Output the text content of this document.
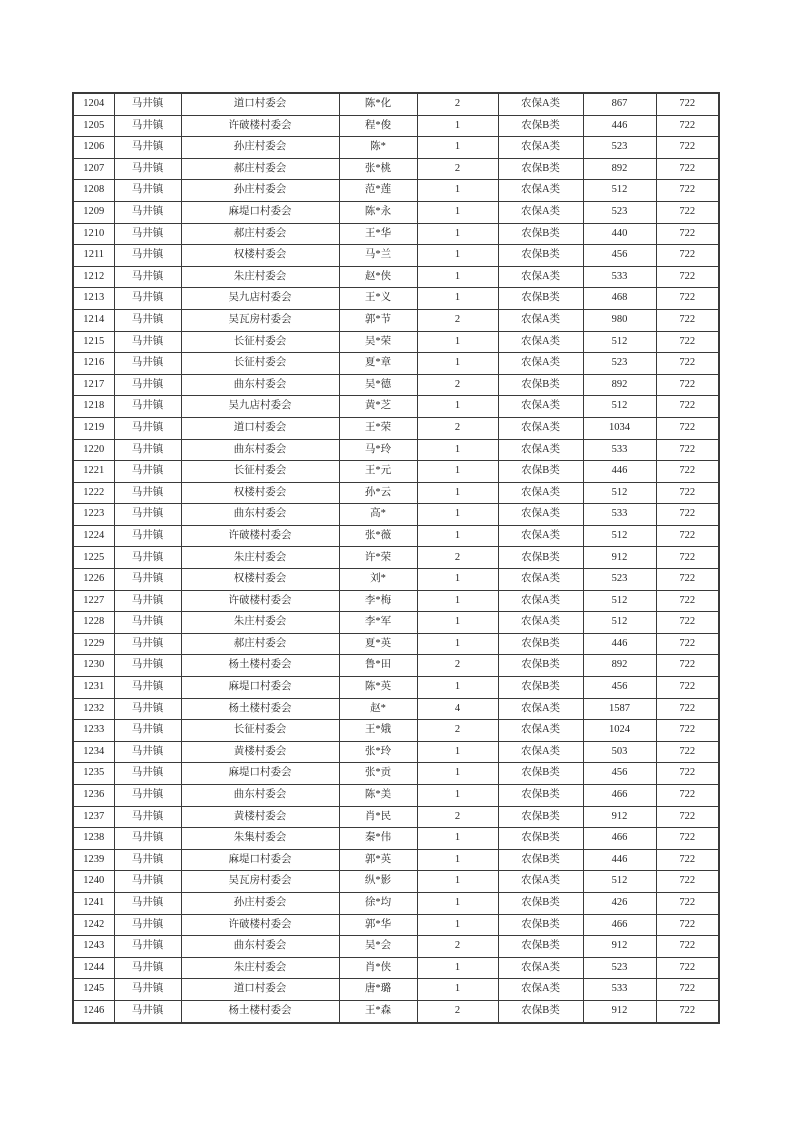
1204	马井镇	道口村委会	陈*化	2	农保A类	867	722
1205	马井镇	许破楼村委会	程*俊	1	农保B类	446	722
1206	马井镇	孙庄村委会	陈*	1	农保A类	523	722
1207	马井镇	郝庄村委会	张*桃	2	农保B类	892	722
1208	马井镇	孙庄村委会	范*莲	1	农保A类	512	722
1209	马井镇	麻堤口村委会	陈*永	1	农保A类	523	722
1210	马井镇	郝庄村委会	王*华	1	农保B类	440	722
1211	马井镇	权楼村委会	马*兰	1	农保B类	456	722
1212	马井镇	朱庄村委会	赵*侠	1	农保A类	533	722
1213	马井镇	吴九店村委会	王*义	1	农保B类	468	722
1214	马井镇	吴瓦房村委会	郭*节	2	农保A类	980	722
1215	马井镇	长征村委会	吴*荣	1	农保A类	512	722
1216	马井镇	长征村委会	夏*章	1	农保A类	523	722
1217	马井镇	曲东村委会	吴*德	2	农保B类	892	722
1218	马井镇	吴九店村委会	黄*芝	1	农保A类	512	722
1219	马井镇	道口村委会	王*荣	2	农保A类	1034	722
1220	马井镇	曲东村委会	马*玲	1	农保A类	533	722
1221	马井镇	长征村委会	王*元	1	农保B类	446	722
1222	马井镇	权楼村委会	孙*云	1	农保A类	512	722
1223	马井镇	曲东村委会	高*	1	农保A类	533	722
1224	马井镇	许破楼村委会	张*薇	1	农保A类	512	722
1225	马井镇	朱庄村委会	许*荣	2	农保B类	912	722
1226	马井镇	权楼村委会	刘*	1	农保A类	523	722
1227	马井镇	许破楼村委会	李*梅	1	农保A类	512	722
1228	马井镇	朱庄村委会	李*军	1	农保A类	512	722
1229	马井镇	郝庄村委会	夏*英	1	农保B类	446	722
1230	马井镇	杨土楼村委会	鲁*田	2	农保B类	892	722
1231	马井镇	麻堤口村委会	陈*英	1	农保B类	456	722
1232	马井镇	杨土楼村委会	赵*	4	农保A类	1587	722
1233	马井镇	长征村委会	王*娥	2	农保A类	1024	722
1234	马井镇	黄楼村委会	张*玲	1	农保A类	503	722
1235	马井镇	麻堤口村委会	张*贡	1	农保B类	456	722
1236	马井镇	曲东村委会	陈*美	1	农保B类	466	722
1237	马井镇	黄楼村委会	肖*民	2	农保B类	912	722
1238	马井镇	朱集村委会	秦*伟	1	农保B类	466	722
1239	马井镇	麻堤口村委会	郭*英	1	农保B类	446	722
1240	马井镇	吴瓦房村委会	纵*影	1	农保A类	512	722
1241	马井镇	孙庄村委会	徐*均	1	农保B类	426	722
1242	马井镇	许破楼村委会	郭*华	1	农保B类	466	722
1243	马井镇	曲东村委会	吴*会	2	农保B类	912	722
1244	马井镇	朱庄村委会	肖*侠	1	农保A类	523	722
1245	马井镇	道口村委会	唐*璐	1	农保A类	533	722
1246	马井镇	杨土楼村委会	王*森	2	农保B类	912	722
